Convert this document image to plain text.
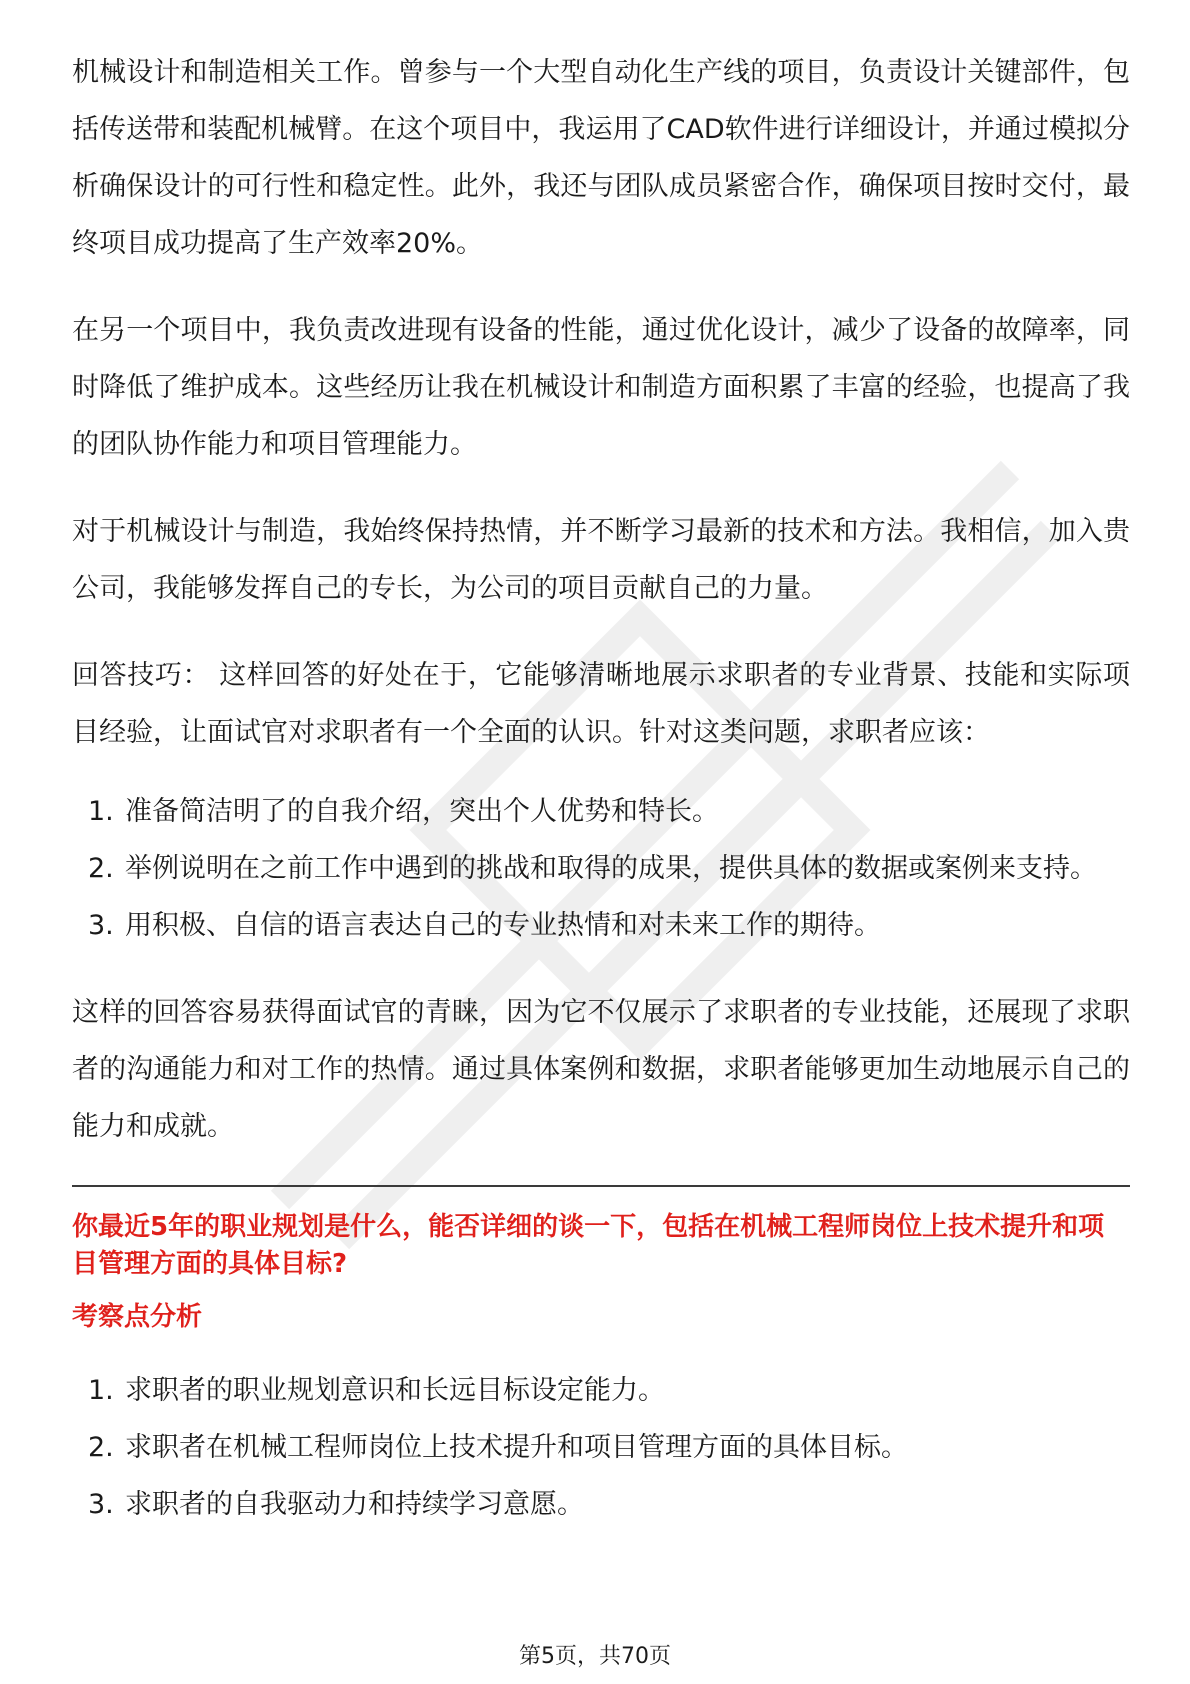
机械设计和制造相关工作。曾参与一个大型自动化生产线的项目，负责设计关键部件，包括传送带和装配机械臂。在这个项目中，我运用了CAD软件进行详细设计，并通过模拟分析确保设计的可行性和稳定性。此外，我还与团队成员紧密合作，确保项目按时交付，最终项目成功提高了生产效率20%。

在另一个项目中，我负责改进现有设备的性能，通过优化设计，减少了设备的故障率，同时降低了维护成本。这些经历让我在机械设计和制造方面积累了丰富的经验，也提高了我的团队协作能力和项目管理能力。

对于机械设计与制造，我始终保持热情，并不断学习最新的技术和方法。我相信，加入贵公司，我能够发挥自己的专长，为公司的项目贡献自己的力量。

回答技巧： 这样回答的好处在于，它能够清晰地展示求职者的专业背景、技能和实际项目经验，让面试官对求职者有一个全面的认识。针对这类问题，求职者应该：

1. 准备简洁明了的自我介绍，突出个人优势和特长。
2. 举例说明在之前工作中遇到的挑战和取得的成果，提供具体的数据或案例来支持。
3. 用积极、自信的语言表达自己的专业热情和对未来工作的期待。

这样的回答容易获得面试官的青睐，因为它不仅展示了求职者的专业技能，还展现了求职者的沟通能力和对工作的热情。通过具体案例和数据，求职者能够更加生动地展示自己的能力和成就。

你最近5年的职业规划是什么，能否详细的谈一下，包括在机械工程师岗位上技术提升和项目管理方面的具体目标?

考察点分析

1. 求职者的职业规划意识和长远目标设定能力。
2. 求职者在机械工程师岗位上技术提升和项目管理方面的具体目标。
3. 求职者的自我驱动力和持续学习意愿。
第5页，共70页
